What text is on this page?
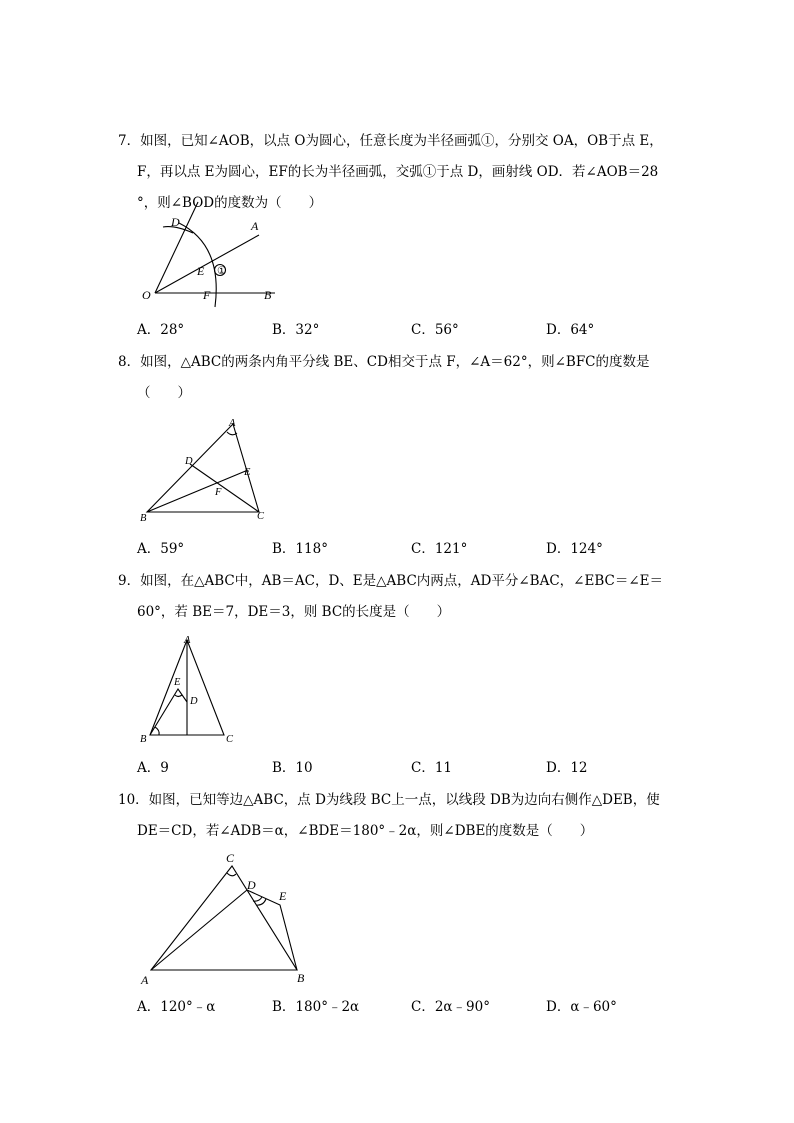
7．如图，已知∠AOB，以点 O为圆心，任意长度为半径画弧①，分别交 OA，OB于点 E，
F，再以点 E为圆心，EF的长为半径画弧，交弧①于点 D，画射线 OD．若∠AOB＝28
°，则∠BOD的度数为（　　）
D	A
E ①
O	F	B
A．28°	B．32°	C．56°	D．64°
8．如图，△ABC的两条内角平分线 BE、CD相交于点 F，∠A＝62°，则∠BFC的度数是
（　　）
A
D
E
F
B	C
A．59°	B．118°	C．121°	D．124°
9．如图，在△ABC中，AB＝AC，D、E是△ABC内两点，AD平分∠BAC，∠EBC＝∠E＝
60°，若 BE＝7，DE＝3，则 BC的长度是（　　）
A
E
D
B	C
A．9	B．10	C．11	D．12
10．如图，已知等边△ABC，点 D为线段 BC上一点，以线段 DB为边向右侧作△DEB，使
DE＝CD，若∠ADB＝α，∠BDE＝180°﹣2α，则∠DBE的度数是（　　）
C
D
E
A	B
A．120°﹣α	B．180°﹣2α	C．2α﹣90°	D．α﹣60°
